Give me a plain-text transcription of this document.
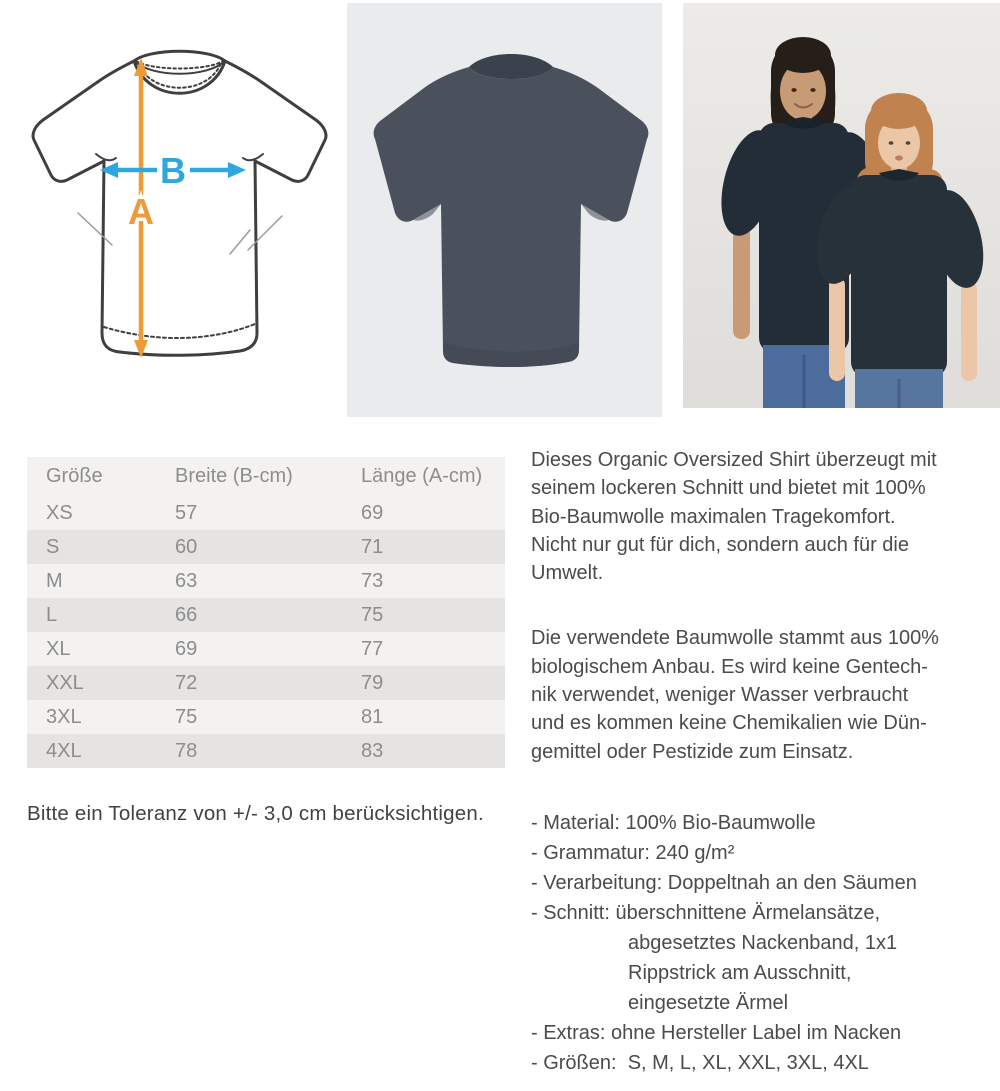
A
B
Größe	Breite (B-cm)	Länge (A-cm)
XS	57	69
S	60	71
M	63	73
L	66	75
XL	69	77
XXL	72	79
3XL	75	81
4XL	78	83

Bitte ein Toleranz von +/- 3,0 cm berücksichtigen.

Dieses Organic Oversized Shirt überzeugt mit
seinem lockeren Schnitt und bietet mit 100%
Bio-Baumwolle maximalen Tragekomfort.
Nicht nur gut für dich, sondern auch für die
Umwelt.
Die verwendete Baumwolle stammt aus 100%
biologischem Anbau. Es wird keine Gentech-
nik verwendet, weniger Wasser verbraucht
und es kommen keine Chemikalien wie Dün-
gemittel oder Pestizide zum Einsatz.
- Material: 100% Bio-Baumwolle
- Grammatur: 240 g/m²
- Verarbeitung: Doppeltnah an den Säumen
- Schnitt: überschnittene Ärmelansätze,
abgesetztes Nackenband, 1x1
Rippstrick am Ausschnitt,
eingesetzte Ärmel
- Extras: ohne Hersteller Label im Nacken
- Größen:  S, M, L, XL, XXL, 3XL, 4XL
